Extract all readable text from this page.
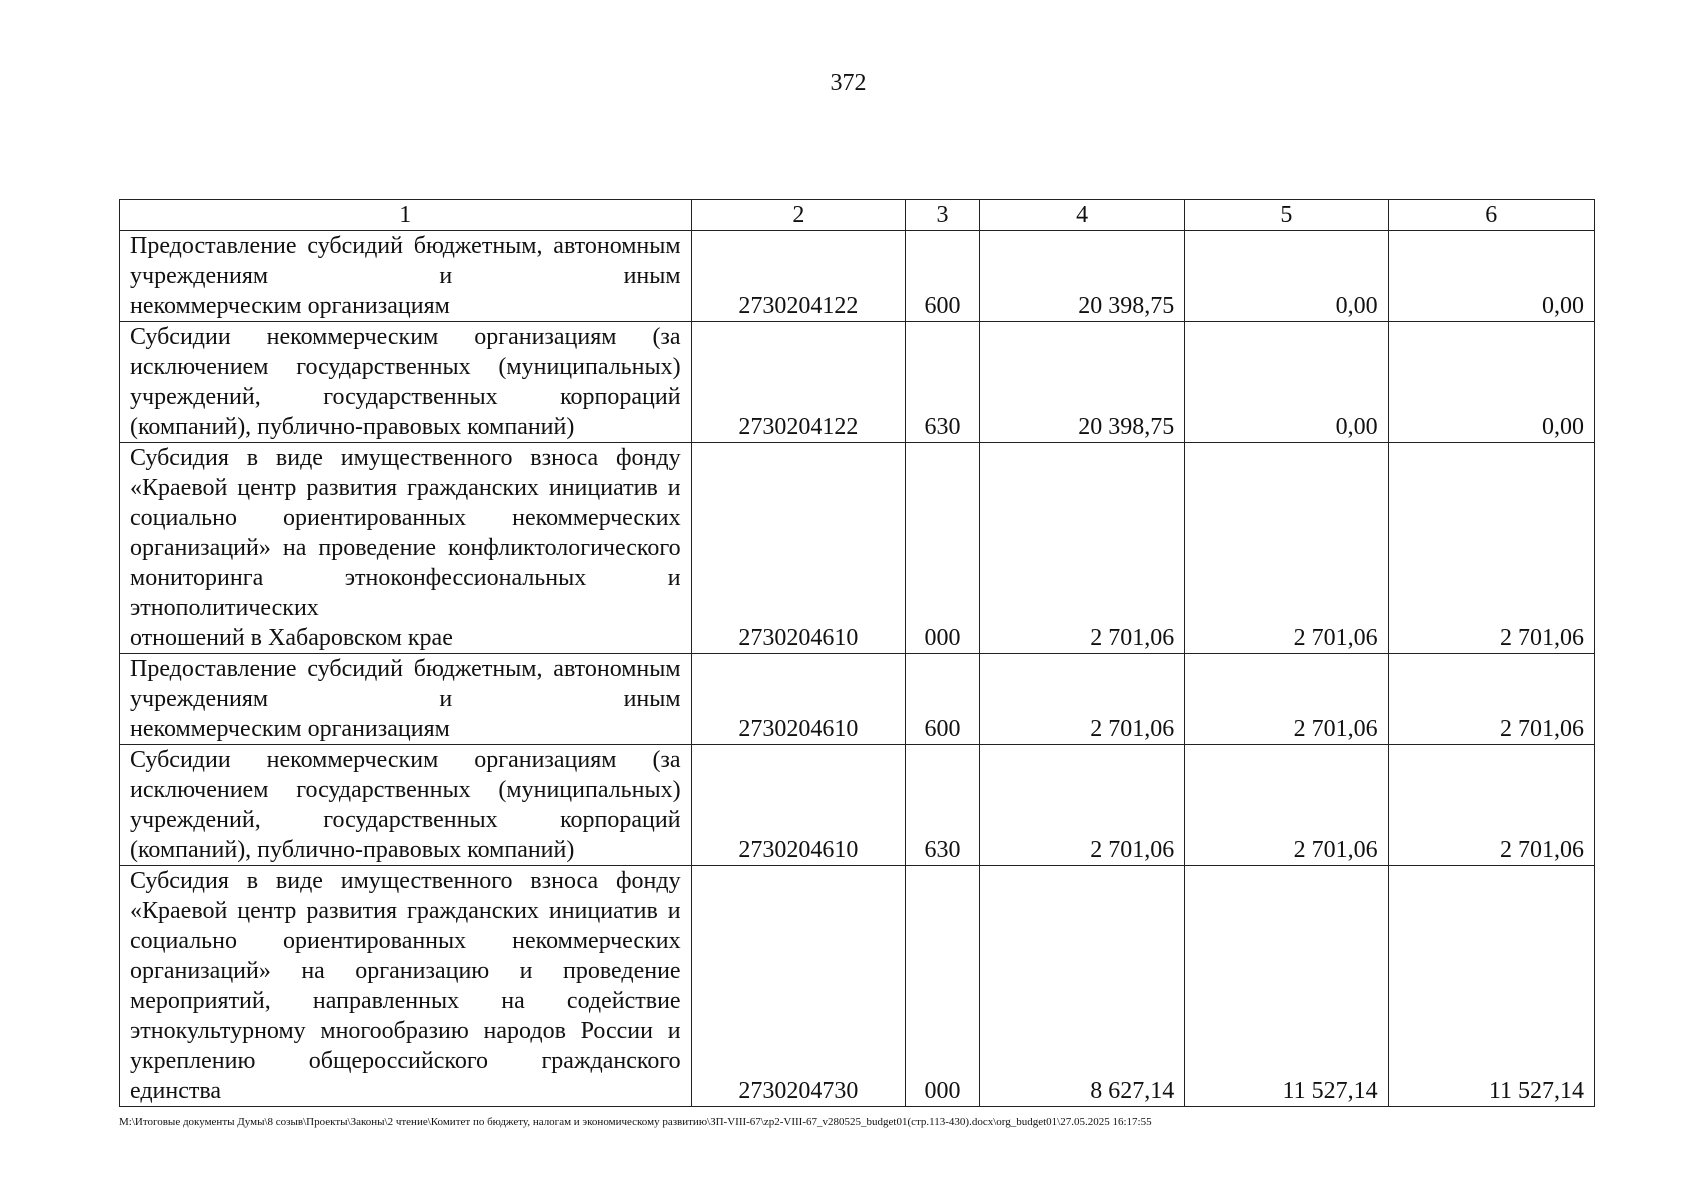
372
1	2	3	4	5	6

Предоставление субсидий бюджетным, автономным учреждениям и иным
некоммерческим организациям	2730204122	600	20 398,75	0,00	0,00

Субсидии некоммерческим организациям (за исключением государственных (муниципальных) учреждений, государственных корпораций
(компаний), публично-правовых компаний)	2730204122	630	20 398,75	0,00	0,00

Субсидия в виде имущественного взноса фонду «Краевой центр развития гражданских инициатив и социально ориентированных некоммерческих организаций» на проведение конфликтологического мониторинга этноконфессиональных и этнополитических
отношений в Хабаровском крае	2730204610	000	2 701,06	2 701,06	2 701,06

Предоставление субсидий бюджетным, автономным учреждениям и иным
некоммерческим организациям	2730204610	600	2 701,06	2 701,06	2 701,06

Субсидии некоммерческим организациям (за исключением государственных (муниципальных) учреждений, государственных корпораций
(компаний), публично-правовых компаний)	2730204610	630	2 701,06	2 701,06	2 701,06

Субсидия в виде имущественного взноса фонду «Краевой центр развития гражданских инициатив и социально ориентированных некоммерческих организаций» на организацию и проведение мероприятий, направленных на содействие этнокультурному многообразию народов России и укреплению общероссийского гражданского
единства	2730204730	000	8 627,14	11 527,14	11 527,14
M:\Итоговые документы Думы\8 созыв\Проекты\Законы\2 чтение\Комитет по бюджету, налогам и экономическому развитию\ЗП-VIII-67\zp2-VIII-67_v280525_budget01(стр.113-430).docx\org_budget01\27.05.2025 16:17:55
